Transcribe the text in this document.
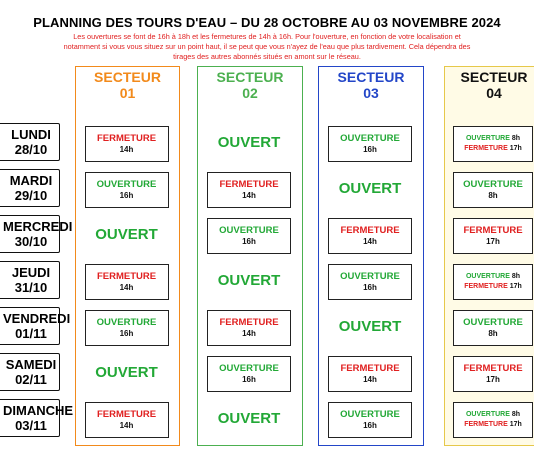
PLANNING DES TOURS D'EAU – DU 28 OCTOBRE AU 03 NOVEMBRE 2024
Les ouvertures se font de 16h à 18h et les fermetures de 14h à 16h. Pour l'ouverture, en fonction de votre localisation et
notamment si vous vous situez sur un point haut, il se peut que vous n'ayez de l'eau que plus tardivement. Cela dépendra des
tirages des autres abonnés situés en amont sur le réseau.
LUNDI
28/10
MARDI
29/10
MERCREDI
30/10
JEUDI
31/10
VENDREDI
01/11
SAMEDI
02/11
DIMANCHE
03/11
SECTEUR
01
FERMETURE
14h
OUVERTURE
16h
OUVERT
FERMETURE
14h
OUVERTURE
16h
OUVERT
FERMETURE
14h
SECTEUR
02
OUVERT
FERMETURE
14h
OUVERTURE
16h
OUVERT
FERMETURE
14h
OUVERTURE
16h
OUVERT
SECTEUR
03
OUVERTURE
16h
OUVERT
FERMETURE
14h
OUVERTURE
16h
OUVERT
FERMETURE
14h
OUVERTURE
16h
SECTEUR
04
OUVERTURE 8h
FERMETURE 17h
OUVERTURE
8h
FERMETURE
17h
OUVERTURE 8h
FERMETURE 17h
OUVERTURE
8h
FERMETURE
17h
OUVERTURE 8h
FERMETURE 17h
